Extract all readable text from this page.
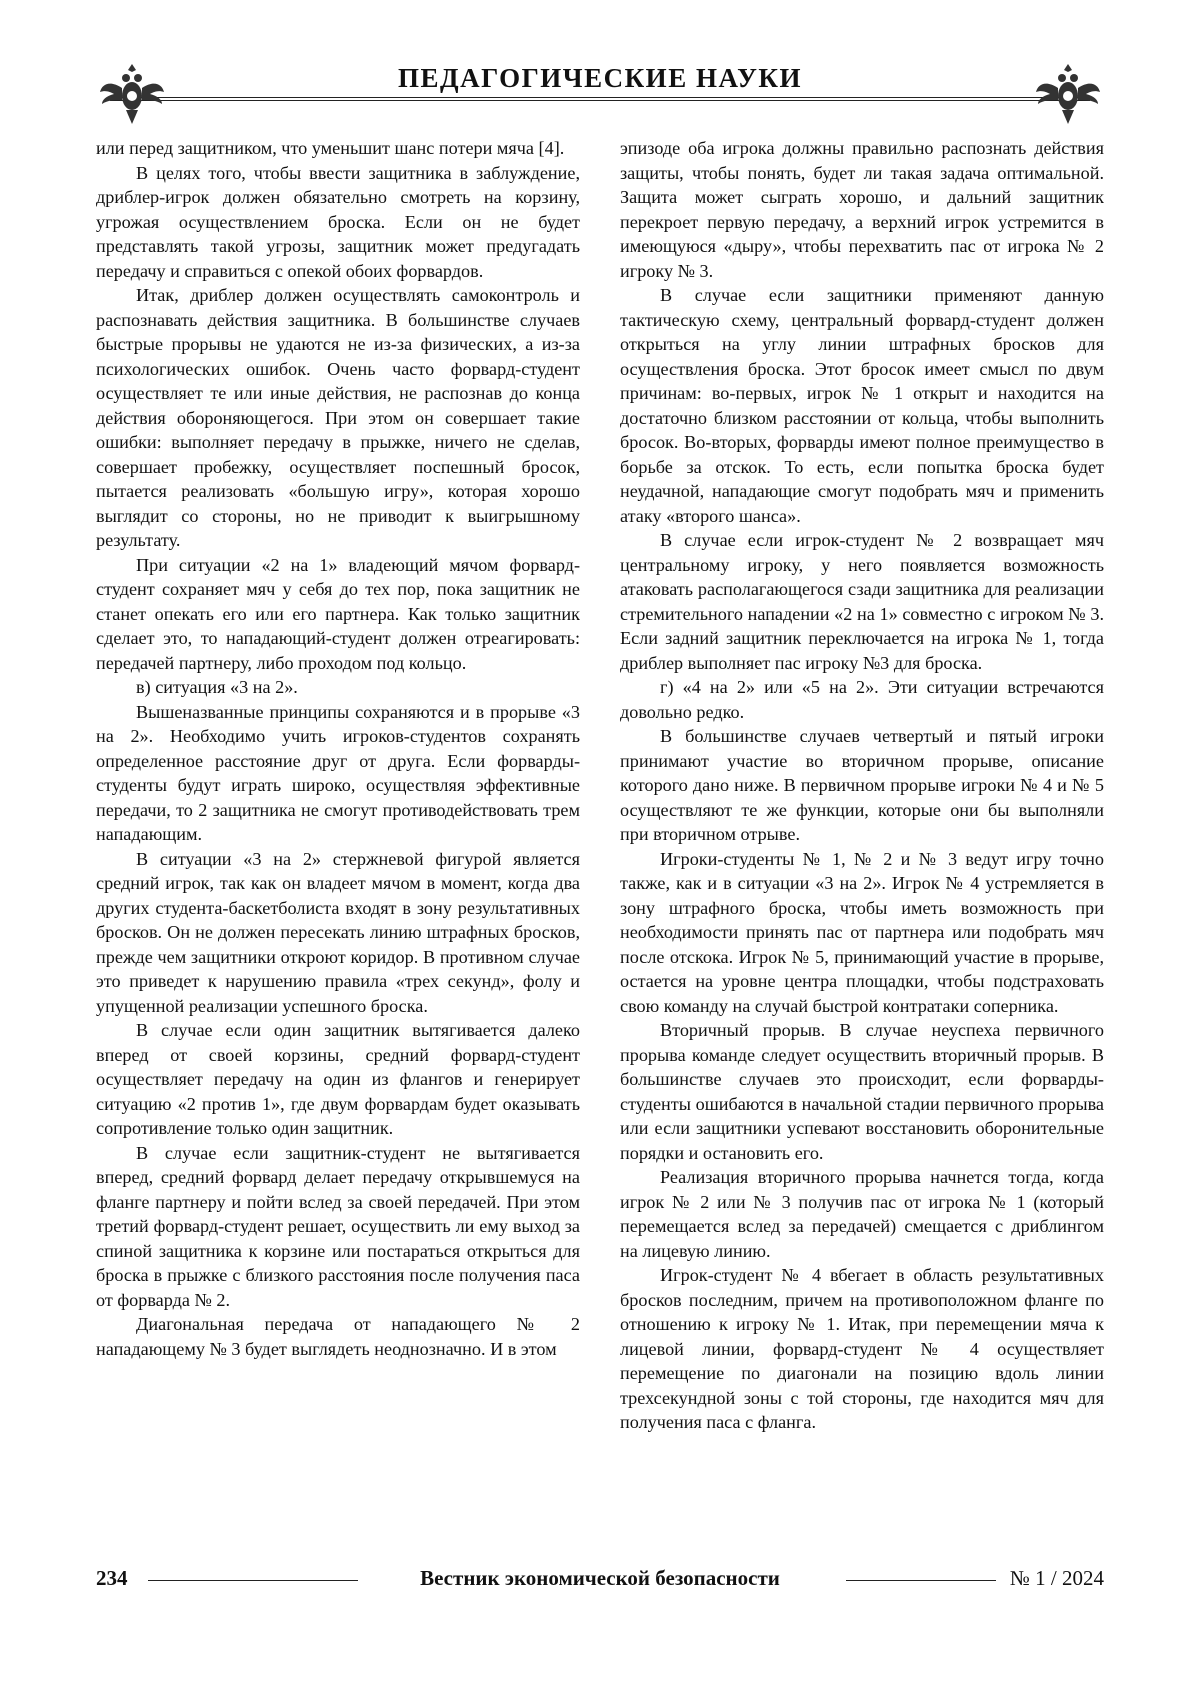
ПЕДАГОГИЧЕСКИЕ НАУКИ

или перед защитником, что уменьшит шанс потери мяча [4].

В целях того, чтобы ввести защитника в заблуждение, дриблер-игрок должен обязательно смотреть на корзину, угрожая осуществлением броска. Если он не будет представлять такой угрозы, защитник может предугадать передачу и справиться с опекой обоих форвардов.

Итак, дриблер должен осуществлять самоконтроль и распознавать действия защитника. В большинстве случаев быстрые прорывы не удаются не из-за физических, а из-за психологических ошибок. Очень часто форвард-студент осуществляет те или иные действия, не распознав до конца действия обороняющегося. При этом он совершает такие ошибки: выполняет передачу в прыжке, ничего не сделав, совершает пробежку, осуществляет поспешный бросок, пытается реализовать «большую игру», которая хорошо выглядит со стороны, но не приводит к выигрышному результату.

При ситуации «2 на 1» владеющий мячом форвард-студент сохраняет мяч у себя до тех пор, пока защитник не станет опекать его или его партнера. Как только защитник сделает это, то нападающий-студент должен отреагировать: передачей партнеру, либо проходом под кольцо.

в) ситуация «3 на 2».

Вышеназванные принципы сохраняются и в прорыве «3 на 2». Необходимо учить игроков-студентов сохранять определенное расстояние друг от друга. Если форварды-студенты будут играть широко, осуществляя эффективные передачи, то 2 защитника не смогут противодействовать трем нападающим.

В ситуации «3 на 2» стержневой фигурой является средний игрок, так как он владеет мячом в момент, когда два других студента-баскетболиста входят в зону результативных бросков. Он не должен пересекать линию штрафных бросков, прежде чем защитники откроют коридор. В противном случае это приведет к нарушению правила «трех секунд», фолу и упущенной реализации успешного броска.

В случае если один защитник вытягивается далеко вперед от своей корзины, средний форвард-студент осуществляет передачу на один из флангов и генерирует ситуацию «2 против 1», где двум форвардам будет оказывать сопротивление только один защитник.

В случае если защитник-студент не вытягивается вперед, средний форвард делает передачу открывшемуся на фланге партнеру и пойти вслед за своей передачей. При этом третий форвард-студент решает, осуществить ли ему выход за спиной защитника к корзине или постараться открыться для броска в прыжке с близкого расстояния после получения паса от форварда № 2.

Диагональная передача от нападающего № 2 нападающему № 3 будет выглядеть неоднозначно. И в этом

эпизоде оба игрока должны правильно распознать действия защиты, чтобы понять, будет ли такая задача оптимальной. Защита может сыграть хорошо, и дальний защитник перекроет первую передачу, а верхний игрок устремится в имеющуюся «дыру», чтобы перехватить пас от игрока № 2 игроку № 3.

В случае если защитники применяют данную тактическую схему, центральный форвард-студент должен открыться на углу линии штрафных бросков для осуществления броска. Этот бросок имеет смысл по двум причинам: во-первых, игрок № 1 открыт и находится на достаточно близком расстоянии от кольца, чтобы выполнить бросок. Во-вторых, форварды имеют полное преимущество в борьбе за отскок. То есть, если попытка броска будет неудачной, нападающие смогут подобрать мяч и применить атаку «второго шанса».

В случае если игрок-студент № 2 возвращает мяч центральному игроку, у него появляется возможность атаковать располагающегося сзади защитника для реализации стремительного нападении «2 на 1» совместно с игроком № 3. Если задний защитник переключается на игрока № 1, тогда дриблер выполняет пас игроку №3 для броска.

г) «4 на 2» или «5 на 2». Эти ситуации встречаются довольно редко.

В большинстве случаев четвертый и пятый игроки принимают участие во вторичном прорыве, описание которого дано ниже. В первичном прорыве игроки № 4 и № 5 осуществляют те же функции, которые они бы выполняли при вторичном отрыве.

Игроки-студенты № 1, № 2 и № 3 ведут игру точно также, как и в ситуации «3 на 2». Игрок № 4 устремляется в зону штрафного броска, чтобы иметь возможность при необходимости принять пас от партнера или подобрать мяч после отскока. Игрок № 5, принимающий участие в прорыве, остается на уровне центра площадки, чтобы подстраховать свою команду на случай быстрой контратаки соперника.

Вторичный прорыв. В случае неуспеха первичного прорыва команде следует осуществить вторичный прорыв. В большинстве случаев это происходит, если форварды-студенты ошибаются в начальной стадии первичного прорыва или если защитники успевают восстановить оборонительные порядки и остановить его.

Реализация вторичного прорыва начнется тогда, когда игрок № 2 или № 3 получив пас от игрока № 1 (который перемещается вслед за передачей) смещается с дриблингом на лицевую линию.

Игрок-студент № 4 вбегает в область результативных бросков последним, причем на противоположном фланге по отношению к игроку № 1. Итак, при перемещении мяча к лицевой линии, форвард-студент № 4 осуществляет перемещение по диагонали на позицию вдоль линии трехсекундной зоны с той стороны, где находится мяч для получения паса с фланга.

234	Вестник экономической безопасности	№ 1 / 2024
